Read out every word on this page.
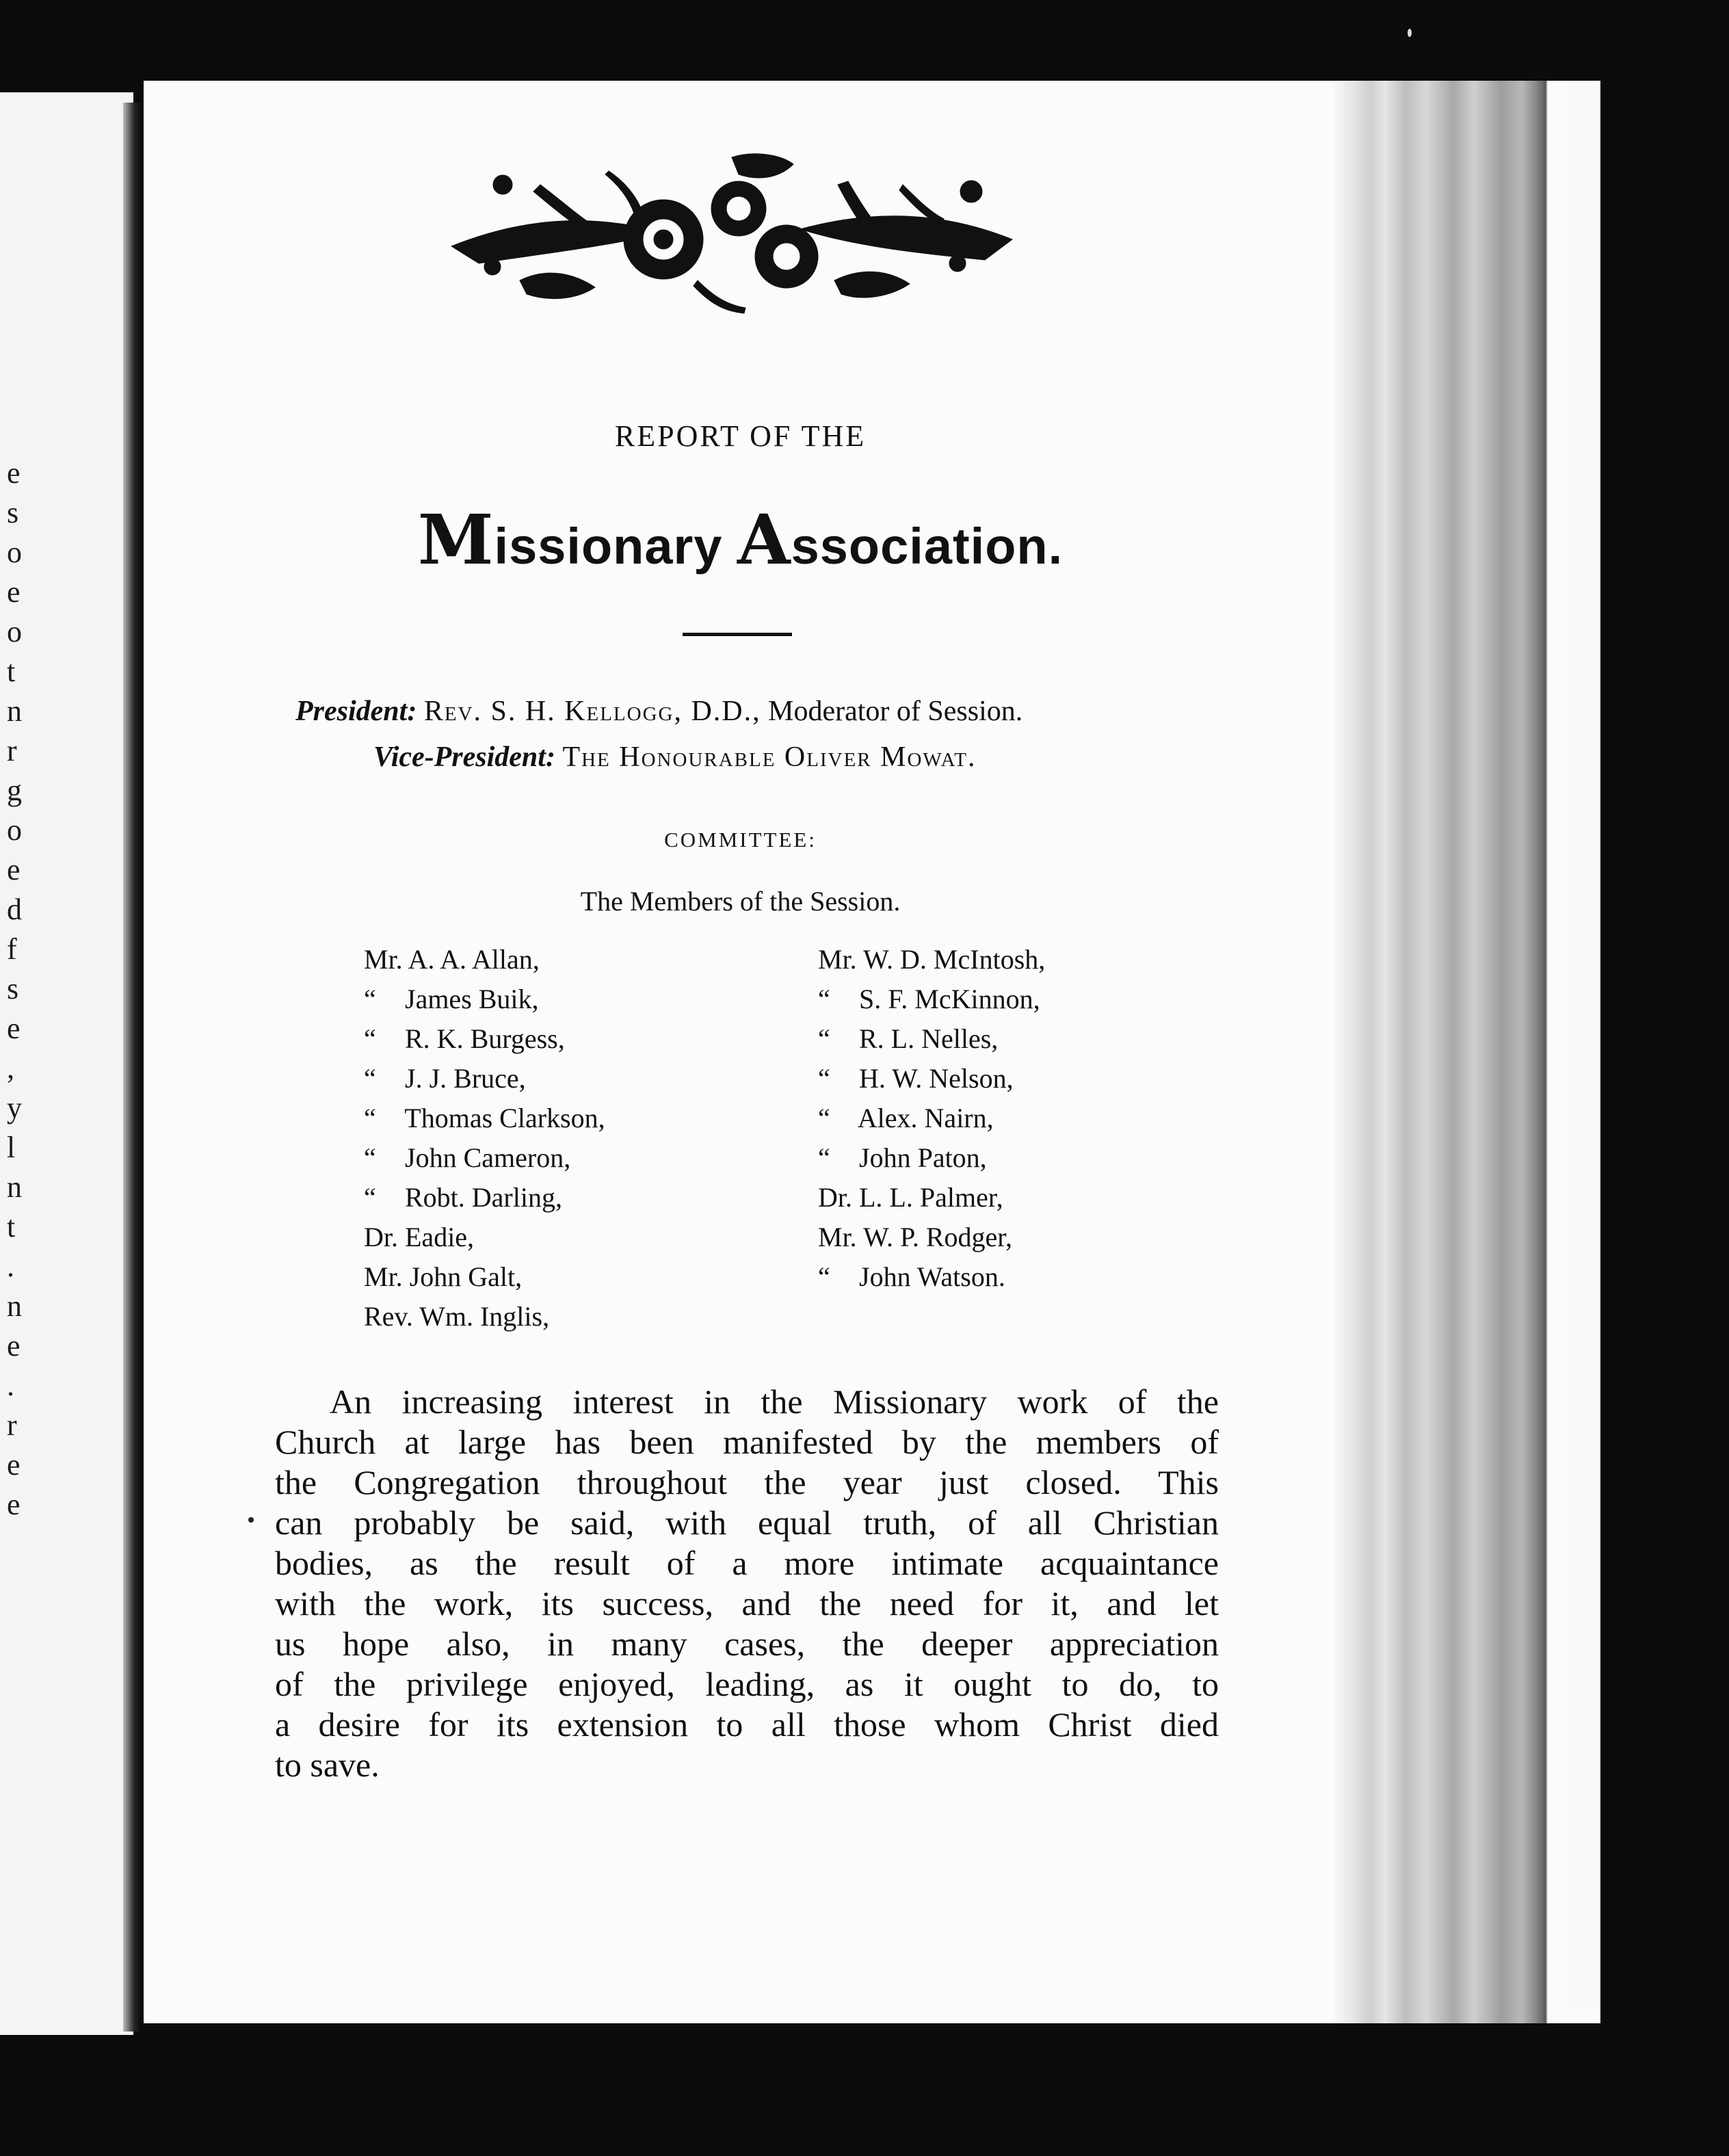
e
s
o
e
o
t
n
r
g
o
e
d
f
s
e
,
y
l
n
t
.
n
e
.
r
e
e
REPORT OF THE
Missionary Association.
President: Rev. S. H. Kellogg, D.D., Moderator of Session.
Vice-President: The Honourable Oliver Mowat.
COMMITTEE:
The Members of the Session.
Mr. A. A. Allan,
“ James Buik,
“ R. K. Burgess,
“ J. J. Bruce,
“ Thomas Clarkson,
“ John Cameron,
“ Robt. Darling,
Dr. Eadie,
Mr. John Galt,
Rev. Wm. Inglis,
Mr. W. D. McIntosh,
“ S. F. McKinnon,
“ R. L. Nelles,
“ H. W. Nelson,
“ Alex. Nairn,
“ John Paton,
Dr. L. L. Palmer,
Mr. W. P. Rodger,
“ John Watson.
An increasing interest in the Missionary work of the
Church at large has been manifested by the members of
the Congregation throughout the year just closed. This
can probably be said, with equal truth, of all Christian
bodies, as the result of a more intimate acquaintance
with the work, its success, and the need for it, and let
us hope also, in many cases, the deeper appreciation
of the privilege enjoyed, leading, as it ought to do, to
a desire for its extension to all those whom Christ died
to save.
